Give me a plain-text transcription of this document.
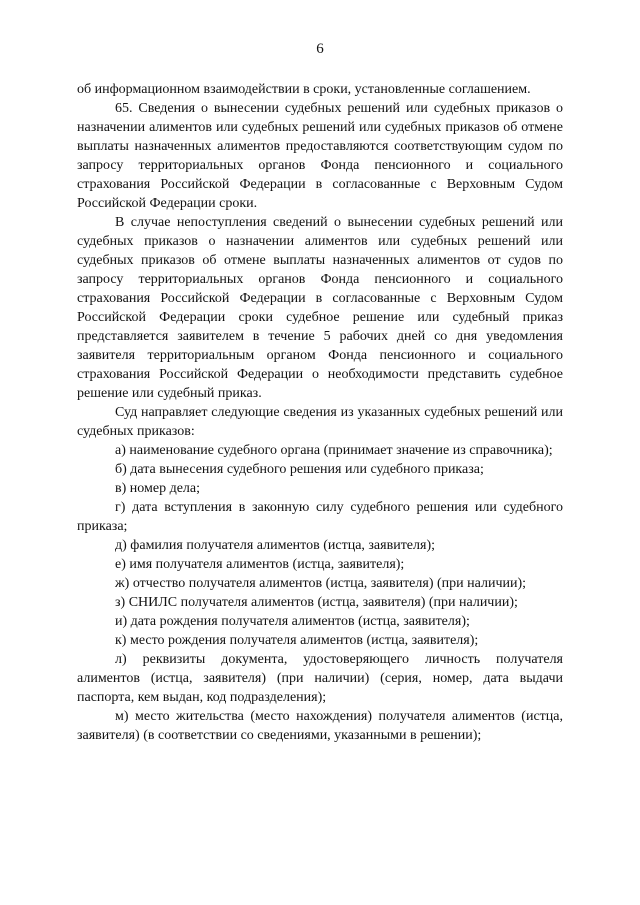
6

об информационном взаимодействии в сроки, установленные соглашением.

65. Сведения о вынесении судебных решений или судебных приказов о назначении алиментов или судебных решений или судебных приказов об отмене выплаты назначенных алиментов предоставляются соответствующим судом по запросу территориальных органов Фонда пенсионного и социального страхования Российской Федерации в согласованные с Верховным Судом Российской Федерации сроки.

В случае непоступления сведений о вынесении судебных решений или судебных приказов о назначении алиментов или судебных решений или судебных приказов об отмене выплаты назначенных алиментов от судов по запросу территориальных органов Фонда пенсионного и социального страхования Российской Федерации в согласованные с Верховным Судом Российской Федерации сроки судебное решение или судебный приказ представляется заявителем в течение 5 рабочих дней со дня уведомления заявителя территориальным органом Фонда пенсионного и социального страхования Российской Федерации о необходимости представить судебное решение или судебный приказ.

Суд направляет следующие сведения из указанных судебных решений или судебных приказов:

а) наименование судебного органа (принимает значение из справочника);

б) дата вынесения судебного решения или судебного приказа;

в) номер дела;

г) дата вступления в законную силу судебного решения или судебного приказа;

д) фамилия получателя алиментов (истца, заявителя);

е) имя получателя алиментов (истца, заявителя);

ж) отчество получателя алиментов (истца, заявителя) (при наличии);

з) СНИЛС получателя алиментов (истца, заявителя) (при наличии);

и) дата рождения получателя алиментов (истца, заявителя);

к) место рождения получателя алиментов (истца, заявителя);

л) реквизиты документа, удостоверяющего личность получателя алиментов (истца, заявителя) (при наличии) (серия, номер, дата выдачи паспорта, кем выдан, код подразделения);

м) место жительства (место нахождения) получателя алиментов (истца, заявителя) (в соответствии со сведениями, указанными в решении);
